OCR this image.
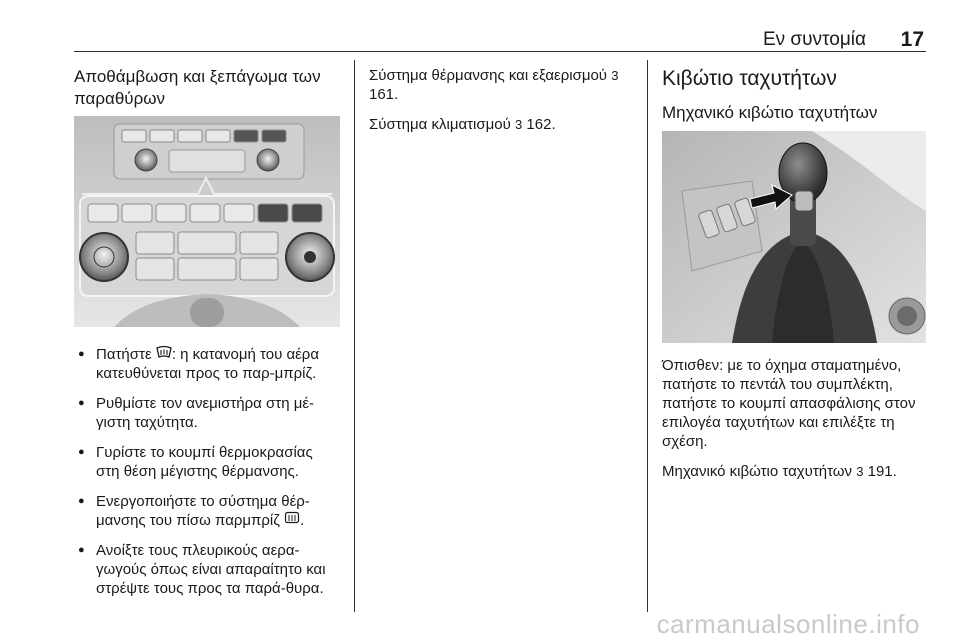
Εν συντομία 17
Αποθάμβωση και ξεπάγωμα των παραθύρων
● Πατήστε : η κατανομή του αέρα κατευθύνεται προς το παρ-μπρίζ.
● Ρυθμίστε τον ανεμιστήρα στη μέ-γιστη ταχύτητα.
● Γυρίστε το κουμπί θερμοκρασίας στη θέση μέγιστης θέρμανσης.
● Ενεργοποιήστε το σύστημα θέρ-μανσης του πίσω παρμπρίζ .
● Ανοίξτε τους πλευρικούς αερα-γωγούς όπως είναι απαραίτητο και στρέψτε τους προς τα παρά-θυρα.

Σύστημα θέρμανσης και εξαερισμού 3 161.

Σύστημα κλιματισμού 3 162.

Κιβώτιο ταχυτήτων
Μηχανικό κιβώτιο ταχυτήτων

Όπισθεν: με το όχημα σταματημένο, πατήστε το πεντάλ του συμπλέκτη, πατήστε το κουμπί απασφάλισης στον επιλογέα ταχυτήτων και επιλέξτε τη σχέση.

Μηχανικό κιβώτιο ταχυτήτων 3 191.

carmanualsonline.info
